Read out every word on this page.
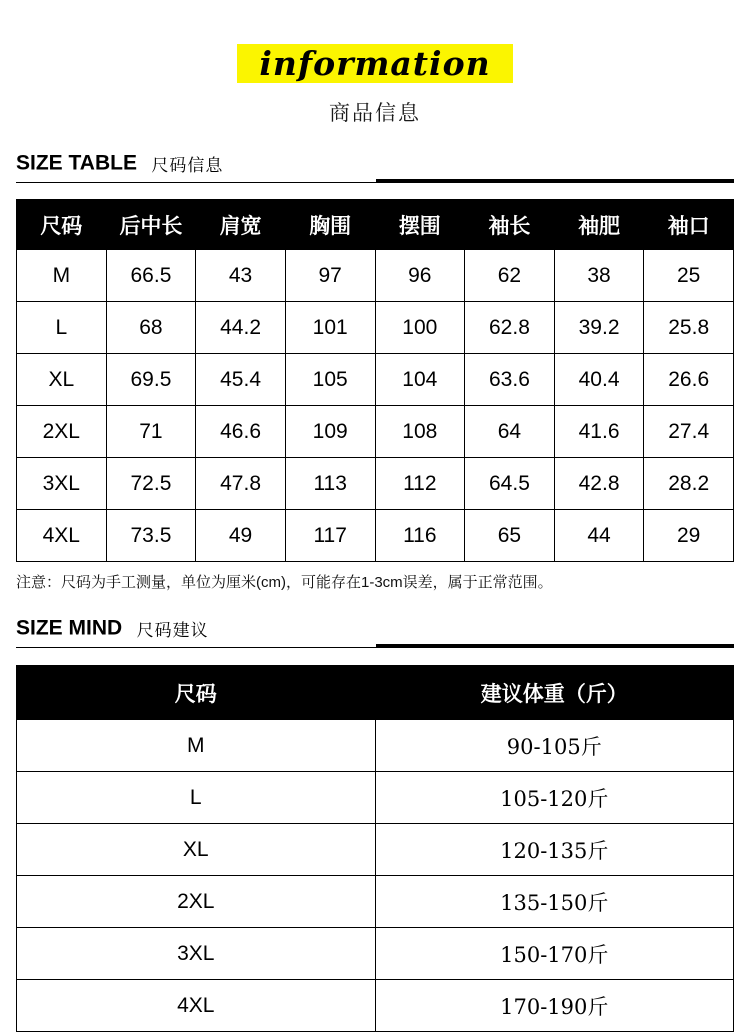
information
商品信息
SIZE TABLE 尺码信息
尺码	后中长	肩宽	胸围	摆围	袖长	袖肥	袖口
M	66.5	43	97	96	62	38	25
L	68	44.2	101	100	62.8	39.2	25.8
XL	69.5	45.4	105	104	63.6	40.4	26.6
2XL	71	46.6	109	108	64	41.6	27.4
3XL	72.5	47.8	113	112	64.5	42.8	28.2
4XL	73.5	49	117	116	65	44	29
注意：尺码为手工测量，单位为厘米(cm)，可能存在1-3cm误差，属于正常范围。
SIZE MIND 尺码建议
尺码	建议体重（斤）
M	90-105斤
L	105-120斤
XL	120-135斤
2XL	135-150斤
3XL	150-170斤
4XL	170-190斤
